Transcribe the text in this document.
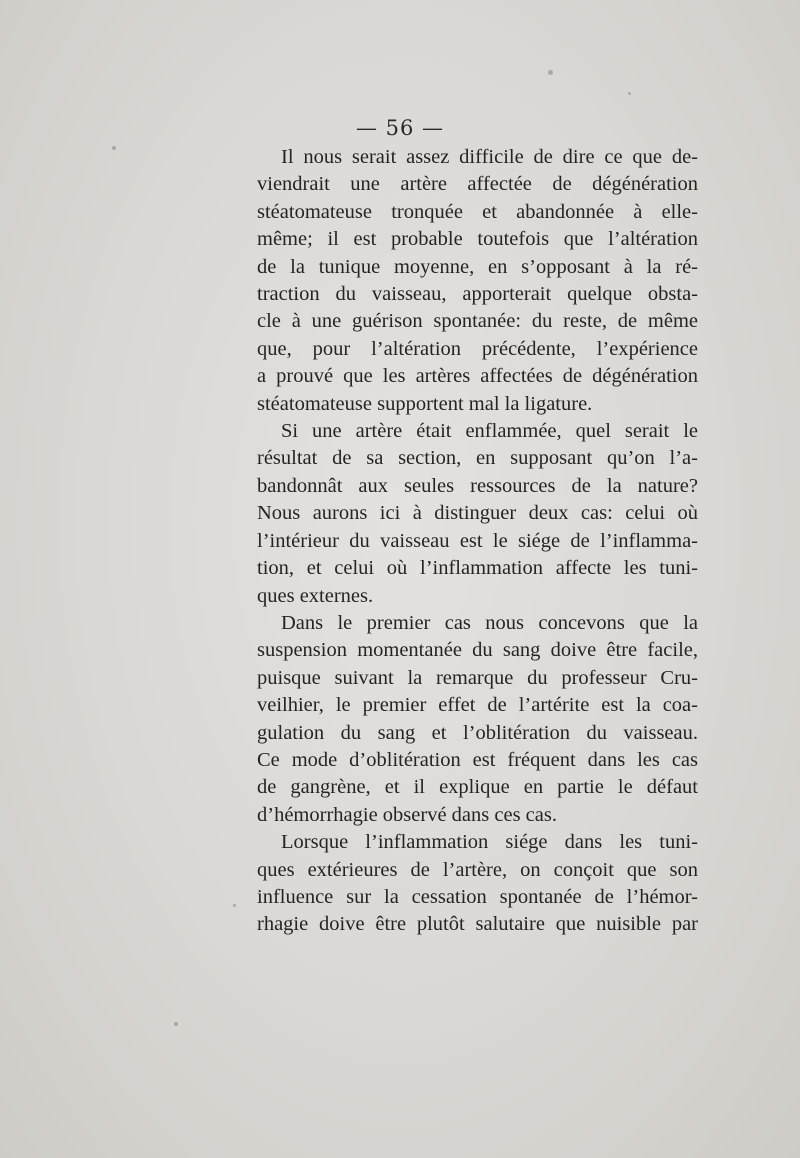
— 56 —

Il nous serait assez difficile de dire ce que de-
viendrait une artère affectée de dégénération
stéatomateuse tronquée et abandonnée à elle-
même; il est probable toutefois que l’altération
de la tunique moyenne, en s’opposant à la ré-
traction du vaisseau, apporterait quelque obsta-
cle à une guérison spontanée: du reste, de même
que, pour l’altération précédente, l’expérience
a prouvé que les artères affectées de dégénération
stéatomateuse supportent mal la ligature.

Si une artère était enflammée, quel serait le
résultat de sa section, en supposant qu’on l’a-
bandonnât aux seules ressources de la nature?
Nous aurons ici à distinguer deux cas: celui où
l’intérieur du vaisseau est le siége de l’inflamma-
tion, et celui où l’inflammation affecte les tuni-
ques externes.

Dans le premier cas nous concevons que la
suspension momentanée du sang doive être facile,
puisque suivant la remarque du professeur Cru-
veilhier, le premier effet de l’artérite est la coa-
gulation du sang et l’oblitération du vaisseau.
Ce mode d’oblitération est fréquent dans les cas
de gangrène, et il explique en partie le défaut
d’hémorrhagie observé dans ces cas.

Lorsque l’inflammation siége dans les tuni-
ques extérieures de l’artère, on conçoit que son
influence sur la cessation spontanée de l’hémor-
rhagie doive être plutôt salutaire que nuisible par
